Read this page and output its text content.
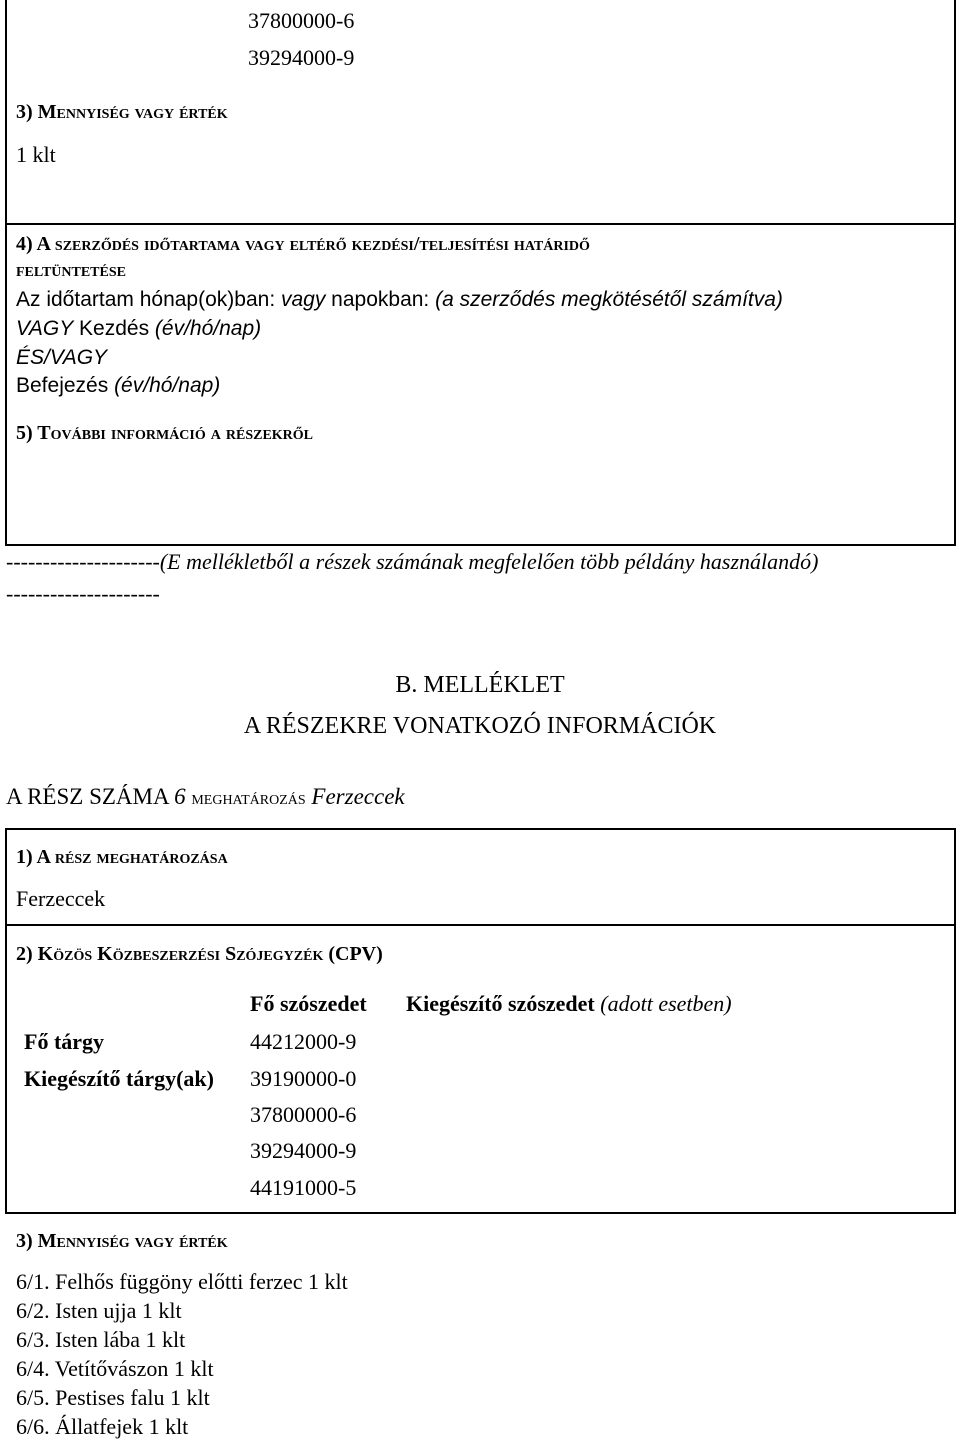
37800000-6
39294000-9
3) Mennyiség vagy érték
1 klt
4) A szerződés időtartama vagy eltérő kezdési/teljesítési határidő
feltüntetése
Az időtartam hónap(ok)ban: vagy napokban: (a szerződés megkötésétől számítva)
VAGY Kezdés (év/hó/nap)
ÉS/VAGY
Befejezés (év/hó/nap)
5) További információ a részekről
---------------------(E mellékletből a részek számának megfelelően több példány használandó)
---------------------
B. MELLÉKLET
A RÉSZEKRE VONATKOZÓ INFORMÁCIÓK
A RÉSZ SZÁMA 6 meghatározás Ferzeccek
1) A rész meghatározása
Ferzeccek
2) Közös Közbeszerzési Szójegyzék (CPV)
Fő szószedet Kiegészítő szószedet (adott esetben)
Fő tárgy	44212000-9
Kiegészítő tárgy(ak) 39190000-0
37800000-6
39294000-9
44191000-5
3) Mennyiség vagy érték
6/1. Felhős függöny előtti ferzec 1 klt
6/2. Isten ujja 1 klt
6/3. Isten lába 1 klt
6/4. Vetítővászon 1 klt
6/5. Pestises falu 1 klt
6/6. Állatfejek 1 klt
